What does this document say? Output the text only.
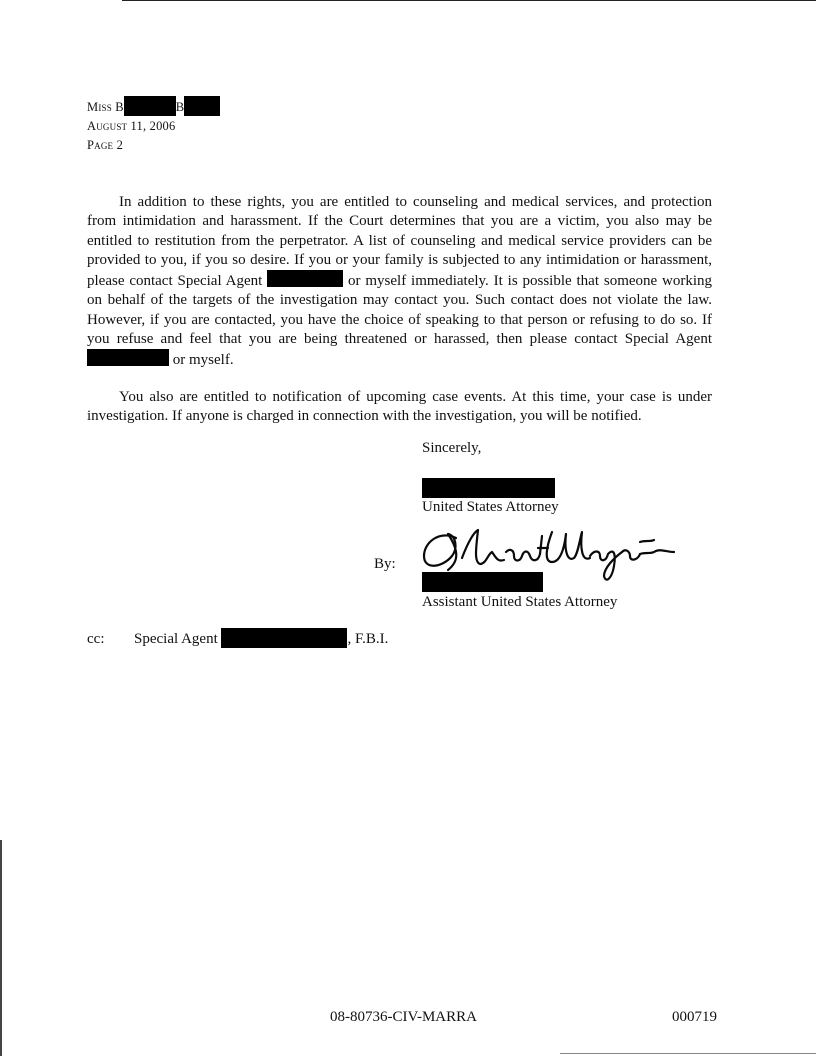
Miss B	B
August 11, 2006
Page 2

In addition to these rights, you are entitled to counseling and medical services, and protection from intimidation and harassment. If the Court determines that you are a victim, you also may be entitled to restitution from the perpetrator. A list of counseling and medical service providers can be provided to you, if you so desire. If you or your family is subjected to any intimidation or harassment, please contact Special Agent	or myself immediately. It is possible that someone working on behalf of the targets of the investigation may contact you. Such contact does not violate the law. However, if you are contacted, you have the choice of speaking to that person or refusing to do so. If you refuse and feel that you are being threatened or harassed, then please contact Special Agent  or myself.

You also are entitled to notification of upcoming case events. At this time, your case is under investigation. If anyone is charged in connection with the investigation, you will be notified.

Sincerely,
United States Attorney
By:
Assistant United States Attorney
cc: Special Agent	, F.B.I.
08-80736-CIV-MARRA	000719
